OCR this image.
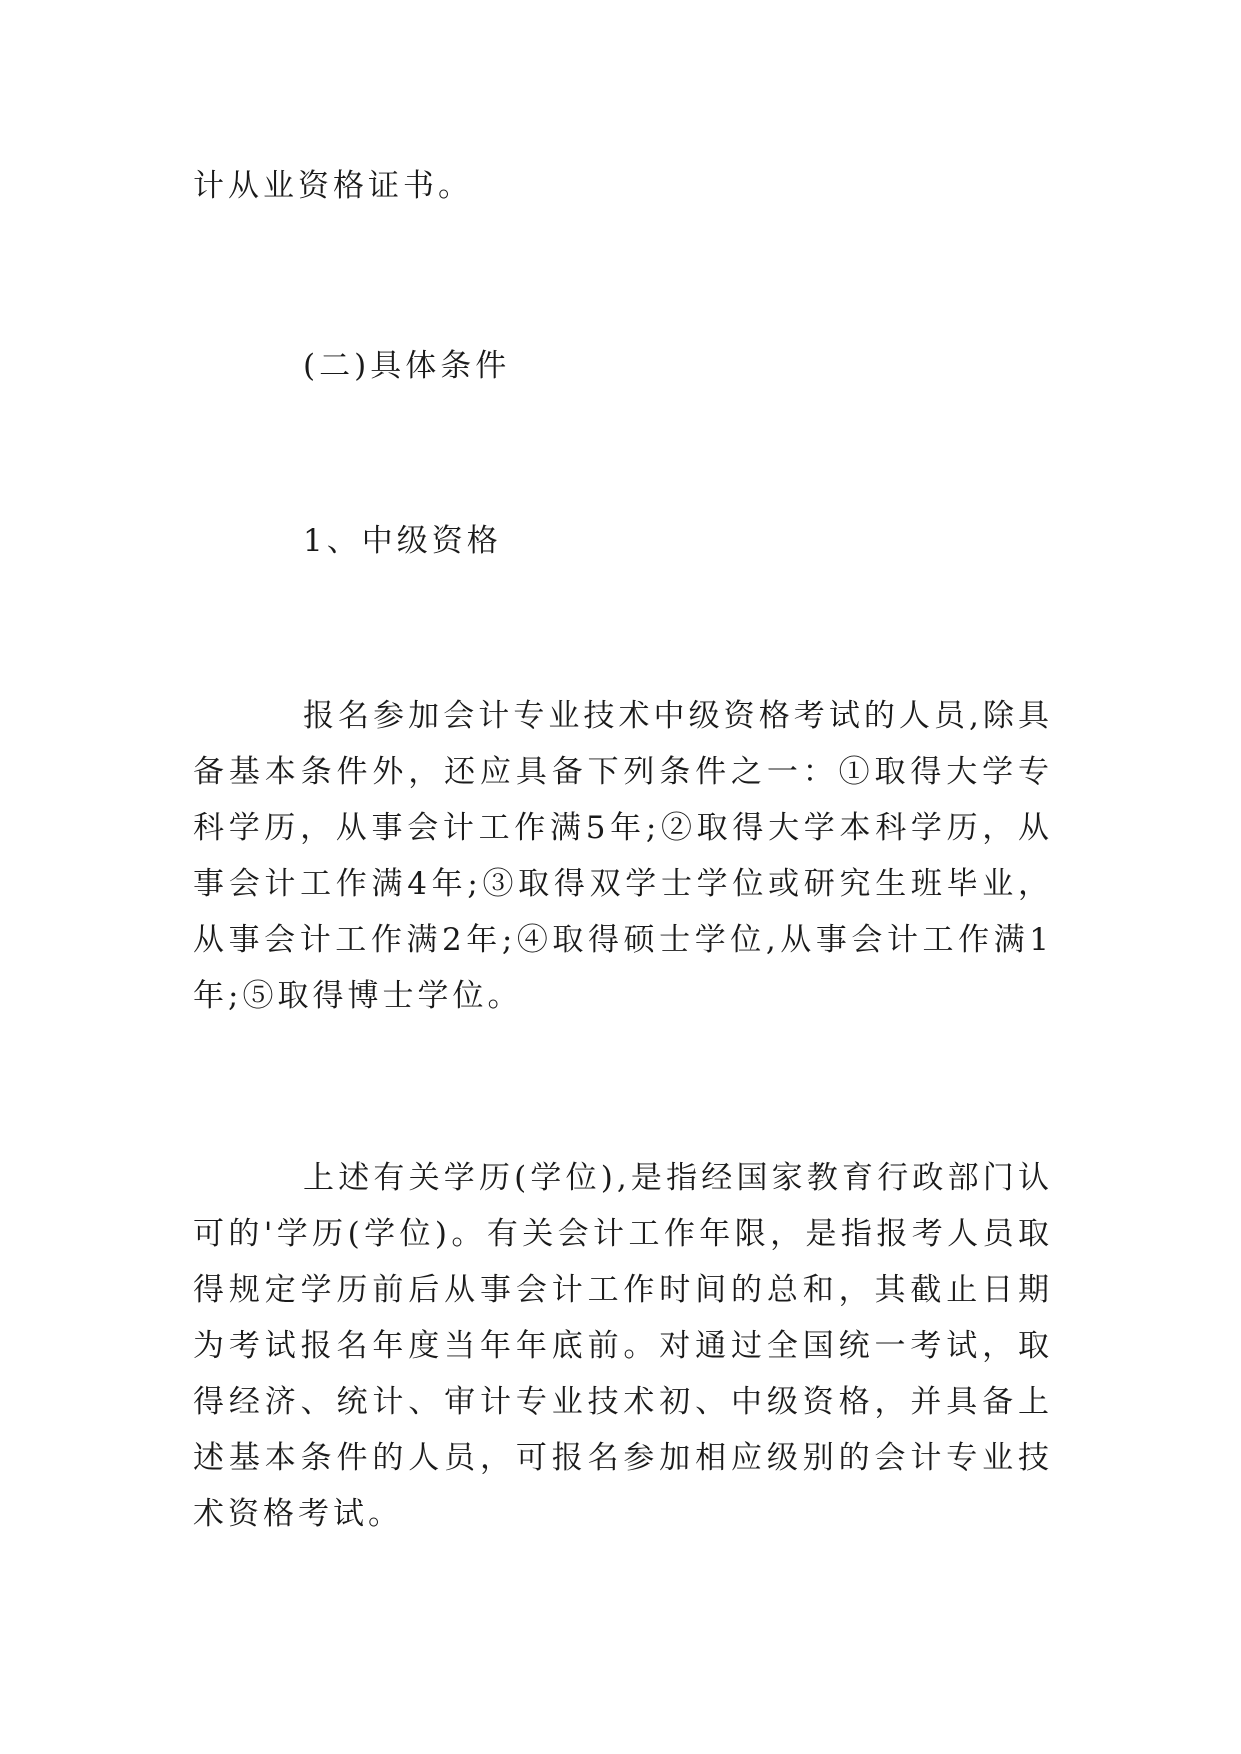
计从业资格证书。

(二)具体条件

1、中级资格

报名参加会计专业技术中级资格考试的人员,除具备基本条件外，还应具备下列条件之一：①取得大学专科学历，从事会计工作满5年;②取得大学本科学历，从事会计工作满4年;③取得双学士学位或研究生班毕业，从事会计工作满2年;④取得硕士学位,从事会计工作满1年;⑤取得博士学位。

上述有关学历(学位),是指经国家教育行政部门认可的'学历(学位)。有关会计工作年限，是指报考人员取得规定学历前后从事会计工作时间的总和，其截止日期为考试报名年度当年年底前。对通过全国统一考试，取得经济、统计、审计专业技术初、中级资格，并具备上述基本条件的人员，可报名参加相应级别的会计专业技术资格考试。
